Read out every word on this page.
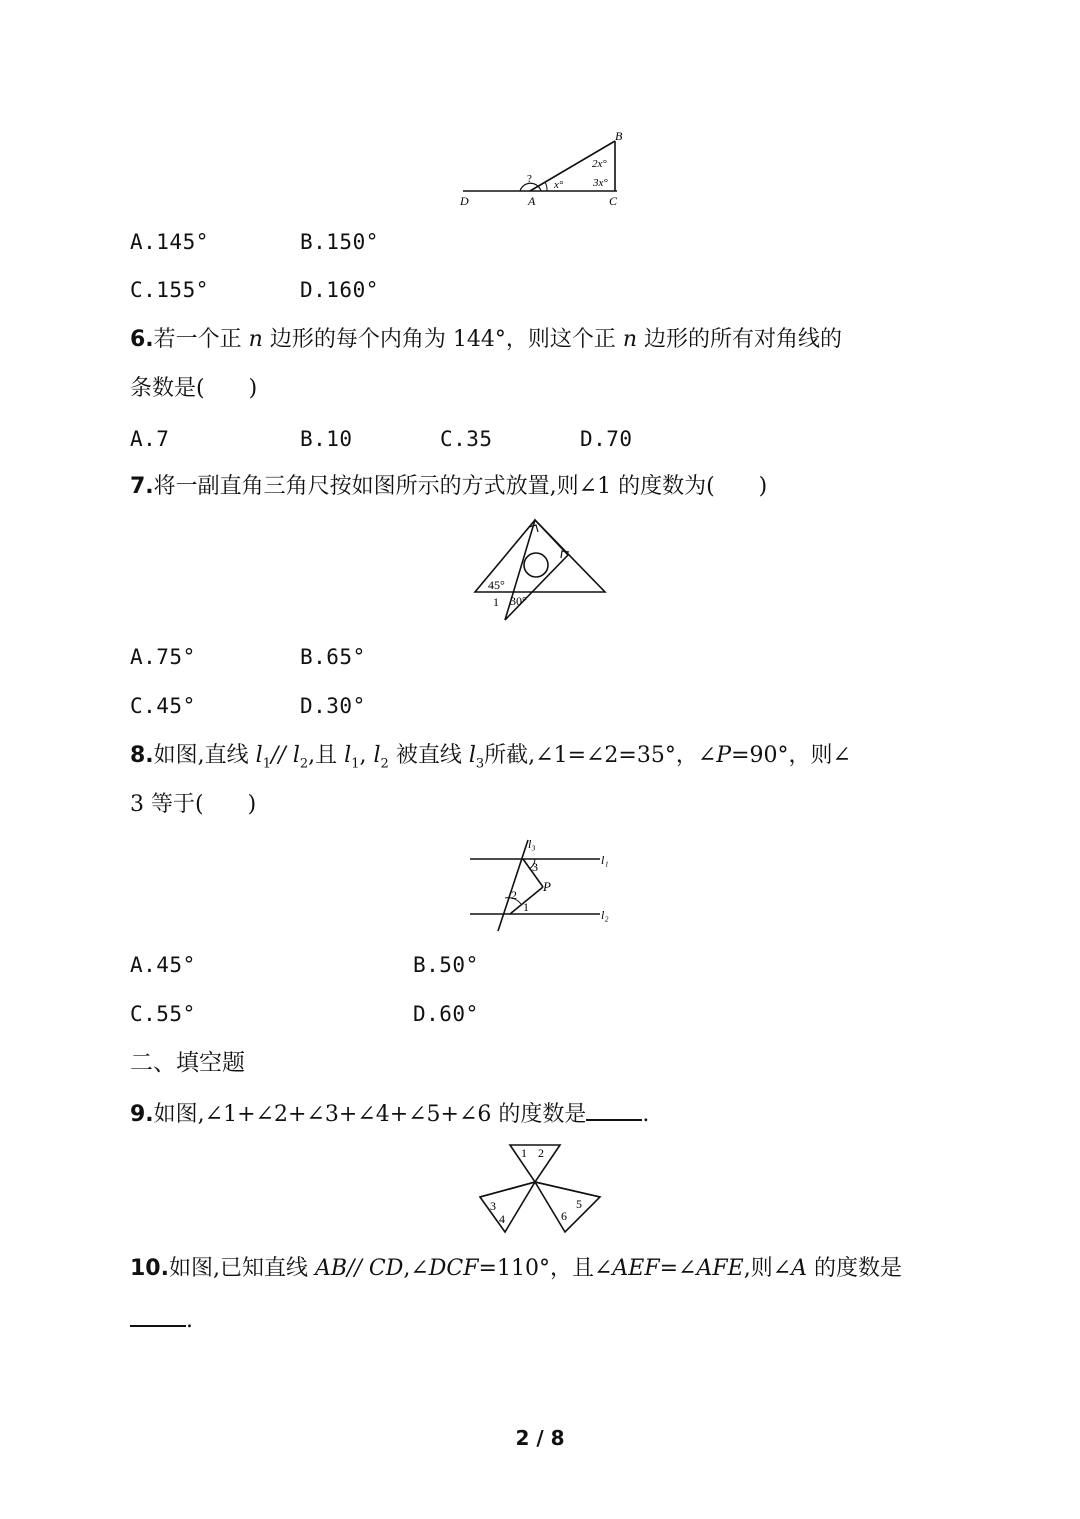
B
D	A	C
? x°
2x°
3x°
A.145°	B.150°
C.155°	D.160°
6.若一个正 n 边形的每个内角为 144°，则这个正 n 边形的所有对角线的
条数是(　　)
A.7	B.10	C.35	D.70
7.将一副直角三角尺按如图所示的方式放置,则∠1 的度数为(　　)
45°
1 30°
A.75°	B.65°
C.45°	D.30°
8.如图,直线 $l_1//$ $l_2$,且 $l_1$, $l_2$ 被直线 $l_3$所截,∠1=∠2=35°，∠P=90°，则∠
3 等于(　　)
l₃
l₁
l₂
3
P
2
1
A.45°	B.50°
C.55°	D.60°
二、填空题
9.如图,∠1+∠2+∠3+∠4+∠5+∠6 的度数是	.
1 2
3
4
5
6
10.如图,已知直线 AB// CD,∠DCF=110°，且∠AEF=∠AFE,则∠A 的度数是
.
2 / 8
